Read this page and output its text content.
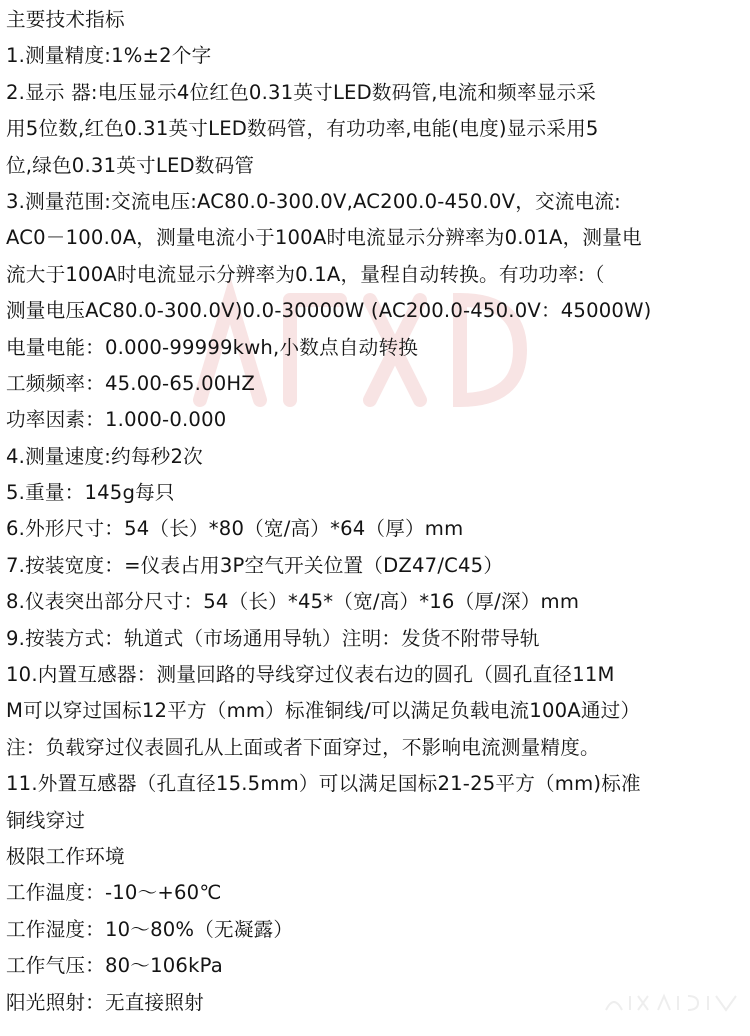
主要技术指标
1.测量精度:1%±2个字
2.显示 器:电压显示4位红色0.31英寸LED数码管,电流和频率显示采
用5位数,红色0.31英寸LED数码管，有功功率,电能(电度)显示采用5
位,绿色0.31英寸LED数码管
3.测量范围:交流电压:AC80.0-300.0V,AC200.0-450.0V，交流电流:
AC0－100.0A，测量电流小于100A时电流显示分辨率为0.01A，测量电
流大于100A时电流显示分辨率为0.1A，量程自动转换。有功功率:（
测量电压AC80.0-300.0V)0.0-30000W (AC200.0-450.0V：45000W)
电量电能：0.000-99999kwh,小数点自动转换
工频频率：45.00-65.00HZ
功率因素：1.000-0.000
4.测量速度:约每秒2次
5.重量：145g每只
6.外形尺寸：54（长）*80（宽/高）*64（厚）mm
7.按装宽度：=仪表占用3P空气开关位置（DZ47/C45）
8.仪表突出部分尺寸：54（长）*45*（宽/高）*16（厚/深）mm
9.按装方式：轨道式（市场通用导轨）注明：发货不附带导轨
10.内置互感器：测量回路的导线穿过仪表右边的圆孔（圆孔直径11M
M可以穿过国标12平方（mm）标准铜线/可以满足负载电流100A通过）
注：负载穿过仪表圆孔从上面或者下面穿过，不影响电流测量精度。
11.外置互感器（孔直径15.5mm）可以满足国标21-25平方（mm)标准
铜线穿过
极限工作环境
工作温度：-10～+60℃
工作湿度：10～80%（无凝露）
工作气压：80～106kPa
阳光照射：无直接照射
